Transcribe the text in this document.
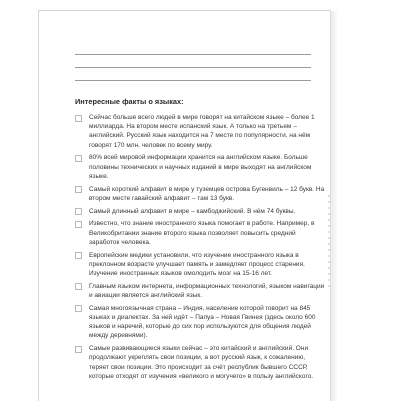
Интересные факты о языках:
Сейчас больше всего людей в мире говорят на китайском языке – более 1 миллиарда. На втором месте испанский язык. А только на третьем – английский. Русский язык находится на 7 месте по популярности, на нём говорят 170 млн. человек по всему миру.
80% всей мировой информации хранится на английском языке. Больше половины технических и научных изданий в мире выходят на английском языке.
Самый короткий алфавит в мире у туземцев острова Бугенвиль – 12 букв. На втором месте гавайский алфавит – там 13 букв.
Самый длинный алфавит в мире – камбоджийский. В нём 74 буквы.
Известно, что знание иностранного языка помогает в работе. Например, в Великобритании знание второго языка позволяет повысить средний заработок человека.
Европейские медики установили, что изучение иностранного языка в преклонном возрасте улучшает память и замедляет процесс старения. Изучение иностранных языков омолодить мозг на 15-16 лет.
Главным языком интернета, информационных технологий, языком навигации и авиации является английский язык.
Самая многоязычная страна – Индия, население которой говорит на 845 языках и диалектах. За ней идёт – Папуа – Новая Гвинея (здесь около 600 языков и наречий, которые до сих пор используются для общения людей между деревнями).
Самые развивающиеся языки сейчас – это китайский и английский. Они продолжают укреплять свои позиции, а вот русский язык, к сожалению, теряет свои позиции. Это происходит за счёт республик бывшего СССР, которые отходят от изучения «великого и могучего» в пользу английского.
